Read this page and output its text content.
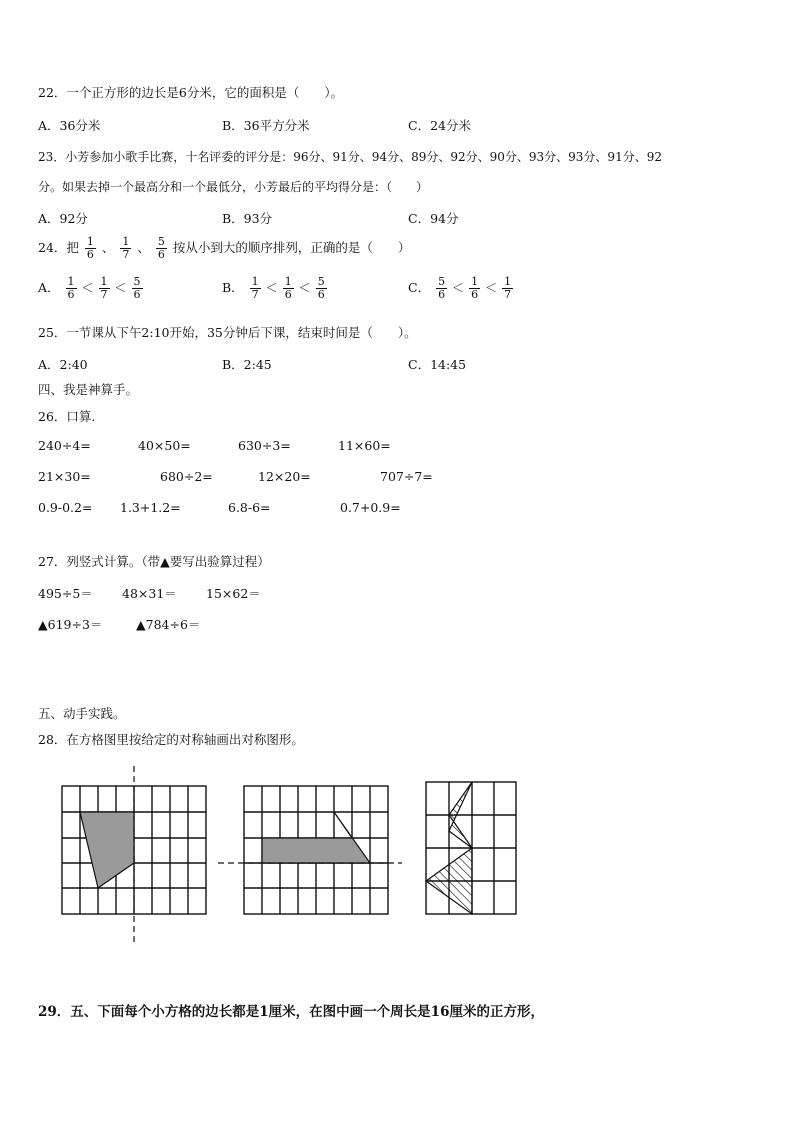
22．一个正方形的边长是6分米，它的面积是（　　）。
A．36分米	B．36平方分米	C．24分米
23．小芳参加小歌手比赛，十名评委的评分是：96分、91分、94分、89分、92分、90分、93分、93分、91分、92
分。如果去掉一个最高分和一个最低分，小芳最后的平均得分是：（　　）
A．92分	B．93分	C．94分
24．把 $\frac{1}{6}$ 、 $\frac{1}{7}$ 、 $\frac{5}{6}$ 按从小到大的顺序排列，正确的是（　　）
A． $\frac{1}{6} < \frac{1}{7} < \frac{5}{6}$	B． $\frac{1}{7} < \frac{1}{6} < \frac{5}{6}$	C． $\frac{5}{6} < \frac{1}{6} < \frac{1}{7}$
25．一节课从下午2:10开始，35分钟后下课，结束时间是（　　）。
A．2:40	B．2:45	C．14:45
四、我是神算手。
26．口算.
240÷4=	40×50=	630÷3=	11×60=
21×30=	680÷2=	12×20=	707÷7=
0.9-0.2= 1.3+1.2=	6.8-6=	0.7+0.9=
27．列竖式计算。（带▲要写出验算过程）
495÷5＝ 48×31＝ 15×62＝
▲619÷3＝	▲784÷6＝
五、动手实践。
28．在方格图里按给定的对称轴画出对称图形。
29．五、下面每个小方格的边长都是1厘米，在图中画一个周长是16厘米的正方形，
